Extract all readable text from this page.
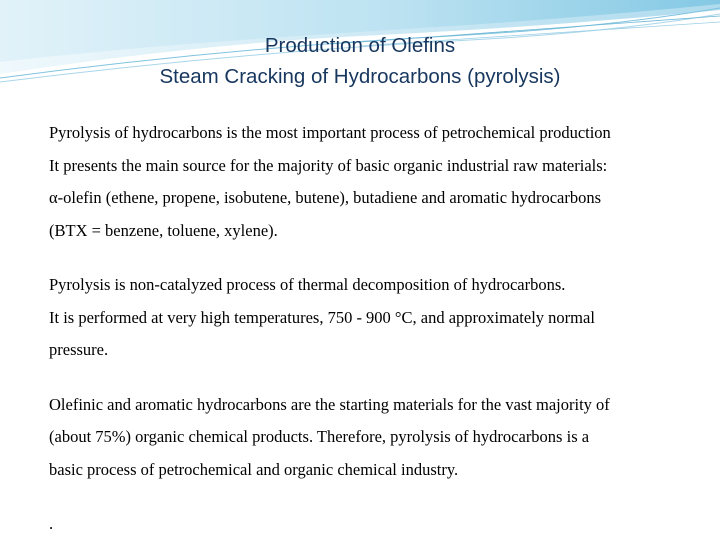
Production of Olefins
Steam Cracking of Hydrocarbons (pyrolysis)

Pyrolysis of hydrocarbons is the most important process of petrochemical production

It presents the main source for the majority of basic organic industrial raw materials:

α-olefin (ethene, propene, isobutene, butene), butadiene and aromatic hydrocarbons

(BTX = benzene, toluene, xylene).

Pyrolysis is non-catalyzed process of thermal decomposition of hydrocarbons.

It is performed at very high temperatures, 750 - 900 °C, and approximately normal

pressure.

Olefinic and aromatic hydrocarbons are the starting materials for the vast majority of

(about 75%) organic chemical products. Therefore, pyrolysis of hydrocarbons is a

basic process of petrochemical and organic chemical industry.

.
